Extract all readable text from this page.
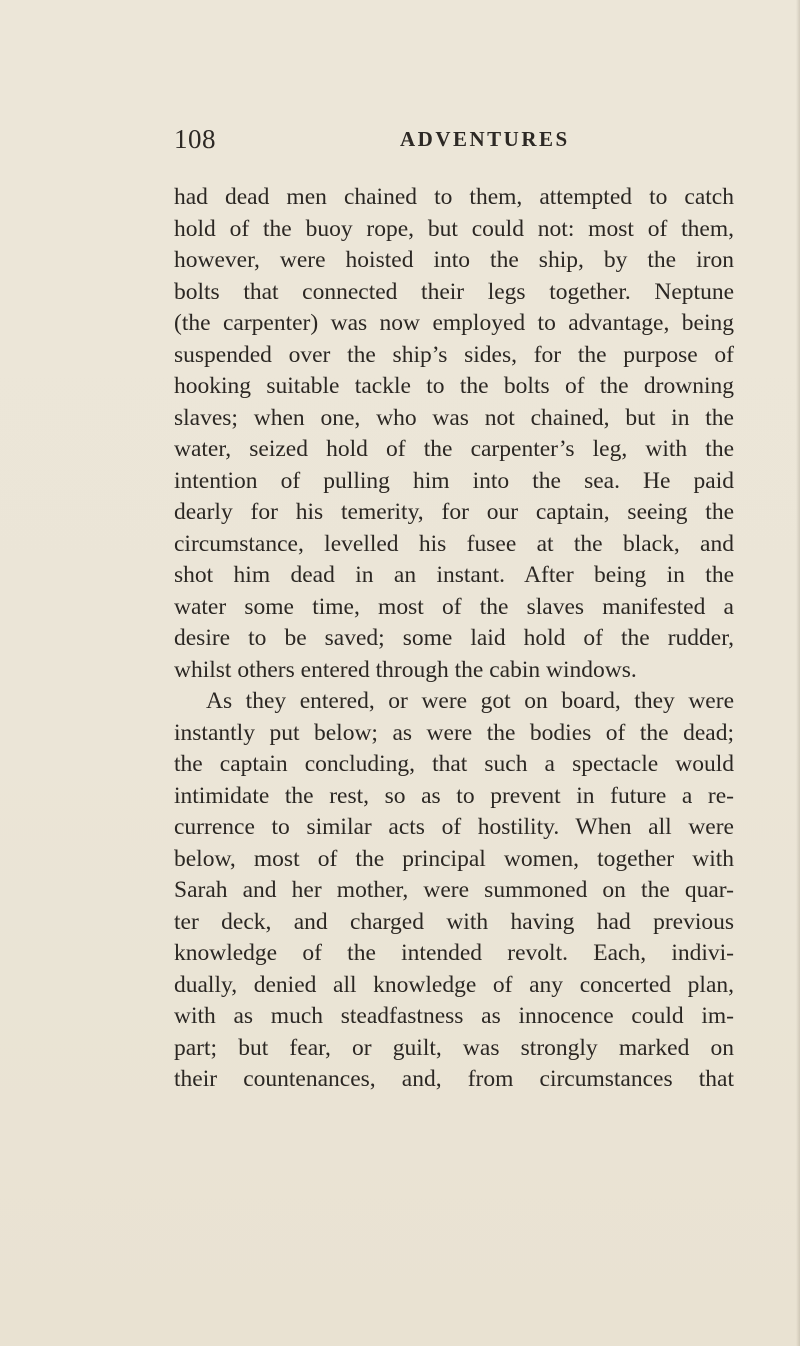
108	ADVENTURES
had dead men chained to them, attempted to catch
hold of the buoy rope, but could not: most of them,
however, were hoisted into the ship, by the iron
bolts that connected their legs together. Neptune
(the carpenter) was now employed to advantage, being
suspended over the ship’s sides, for the purpose of
hooking suitable tackle to the bolts of the drowning
slaves; when one, who was not chained, but in the
water, seized hold of the carpenter’s leg, with the
intention of pulling him into the sea. He paid
dearly for his temerity, for our captain, seeing the
circumstance, levelled his fusee at the black, and
shot him dead in an instant. After being in the
water some time, most of the slaves manifested a
desire to be saved; some laid hold of the rudder,
whilst others entered through the cabin windows.
As they entered, or were got on board, they were
instantly put below; as were the bodies of the dead;
the captain concluding, that such a spectacle would
intimidate the rest, so as to prevent in future a re-
currence to similar acts of hostility. When all were
below, most of the principal women, together with
Sarah and her mother, were summoned on the quar-
ter deck, and charged with having had previous
knowledge of the intended revolt. Each, indivi-
dually, denied all knowledge of any concerted plan,
with as much steadfastness as innocence could im-
part; but fear, or guilt, was strongly marked on
their countenances, and, from circumstances that
